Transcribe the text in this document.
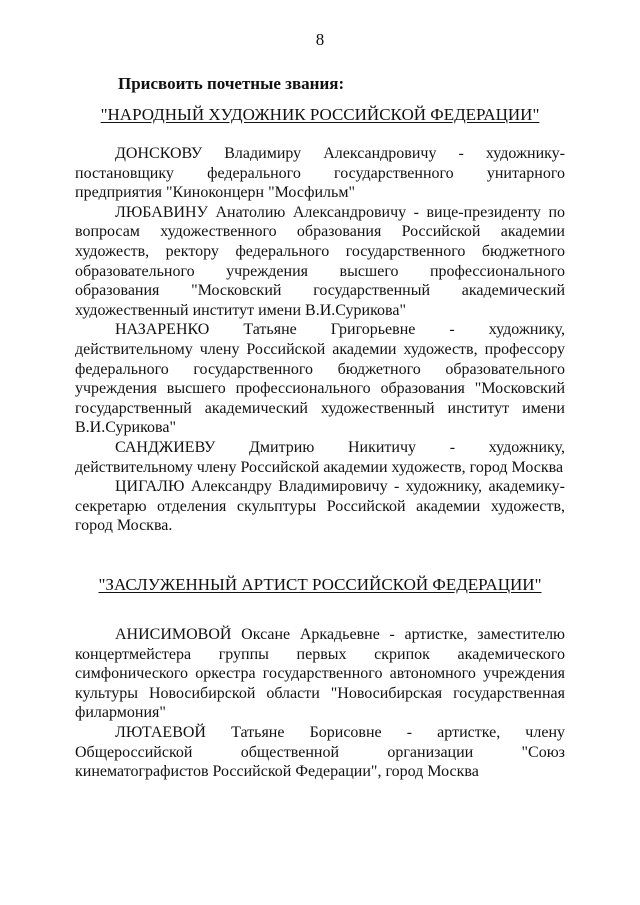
8
Присвоить почетные звания:
"НАРОДНЫЙ ХУДОЖНИК РОССИЙСКОЙ ФЕДЕРАЦИИ"

ДОНСКОВУ Владимиру Александровичу - художнику-постановщику федерального государственного унитарного предприятия "Киноконцерн "Мосфильм"

ЛЮБАВИНУ Анатолию Александровичу - вице-президенту по вопросам художественного образования Российской академии художеств, ректору федерального государственного бюджетного образовательного учреждения высшего профессионального образования "Московский государственный академический художественный институт имени В.И.Сурикова"

НАЗАРЕНКО Татьяне Григорьевне - художнику, действительному члену Российской академии художеств, профессору федерального государственного бюджетного образовательного учреждения высшего профессионального образования "Московский государственный академический художественный институт имени В.И.Сурикова"

САНДЖИЕВУ Дмитрию Никитичу - художнику, действительному члену Российской академии художеств, город Москва

ЦИГАЛЮ Александру Владимировичу - художнику, академику-секретарю отделения скульптуры Российской академии художеств, город Москва.

"ЗАСЛУЖЕННЫЙ АРТИСТ РОССИЙСКОЙ ФЕДЕРАЦИИ"

АНИСИМОВОЙ Оксане Аркадьевне - артистке, заместителю концертмейстера группы первых скрипок академического симфонического оркестра государственного автономного учреждения культуры Новосибирской области "Новосибирская государственная филармония"

ЛЮТАЕВОЙ Татьяне Борисовне - артистке, члену Общероссийской общественной организации "Союз кинематографистов Российской Федерации", город Москва
